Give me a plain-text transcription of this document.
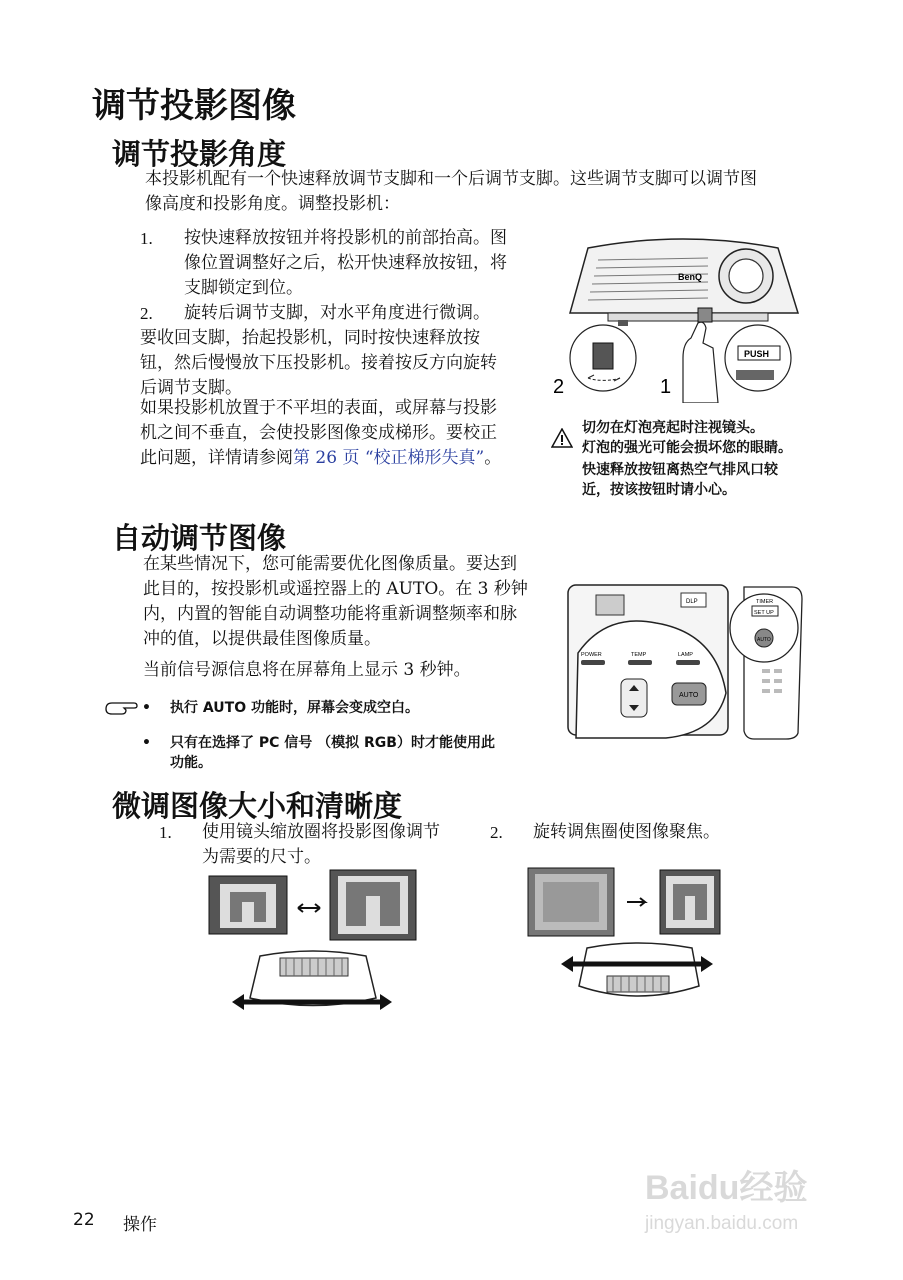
调节投影图像
调节投影角度
本投影机配有一个快速释放调节支脚和一个后调节支脚。这些调节支脚可以调节图
像高度和投影角度。调整投影机：
1. 按快速释放按钮并将投影机的前部抬高。图
像位置调整好之后，松开快速释放按钮，将
支脚锁定到位。
2. 旋转后调节支脚，对水平角度进行微调。
要收回支脚，抬起投影机，同时按快速释放按
钮，然后慢慢放下压投影机。接着按反方向旋转
后调节支脚。
如果投影机放置于不平坦的表面，或屏幕与投影
机之间不垂直，会使投影图像变成梯形。要校正
此问题，详情请参阅第 26 页 “校正梯形失真”。
BenQ
2
PUSH
1
切勿在灯泡亮起时注视镜头。
灯泡的强光可能会损坏您的眼睛。
快速释放按钮离热空气排风口较
近，按该按钮时请小心。
自动调节图像
在某些情况下，您可能需要优化图像质量。要达到
此目的，按投影机或遥控器上的 AUTO。在 3 秒钟
内，内置的智能自动调整功能将重新调整频率和脉
冲的值，以提供最佳图像质量。
当前信号源信息将在屏幕角上显示 3 秒钟。
• 执行 AUTO 功能时，屏幕会变成空白。
• 只有在选择了 PC 信号 （模拟 RGB）时才能使用此
功能。
DLP
POWER	TEMP	LAMP
AUTO
TIMER
SET UP
AUTO
微调图像大小和清晰度
1. 使用镜头缩放圈将投影图像调节
为需要的尺寸。
2.	旋转调焦圈使图像聚焦。
22 操作
Baidu经验
jingyan.baidu.com
